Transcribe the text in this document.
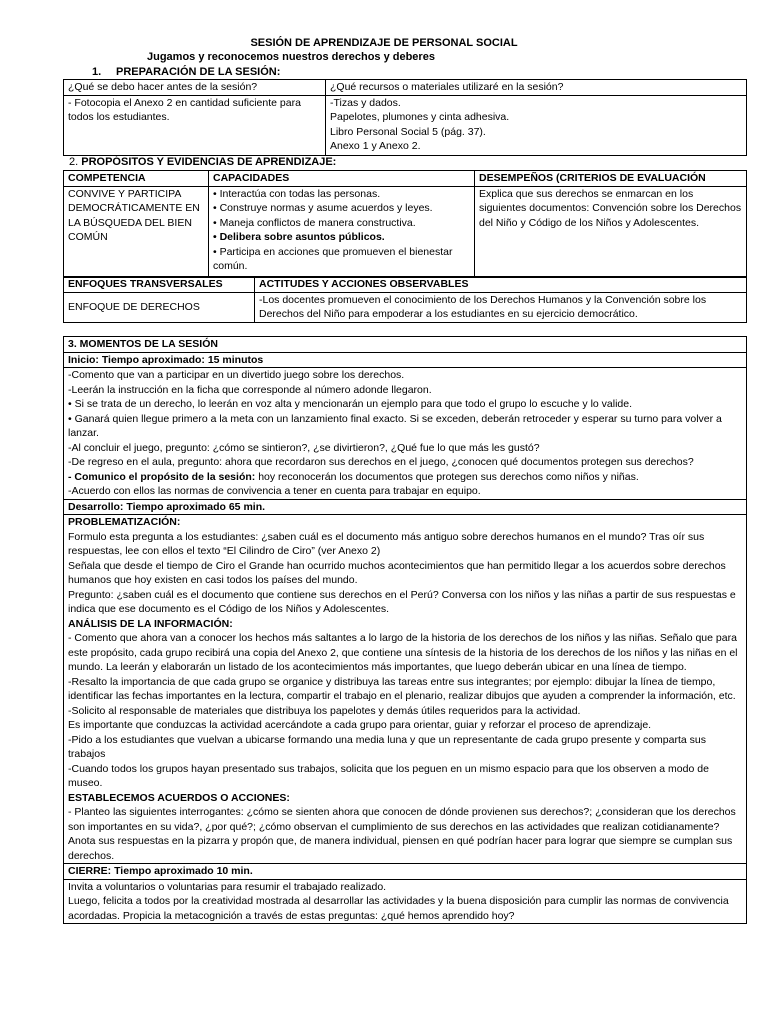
SESIÓN DE APRENDIZAJE DE PERSONAL SOCIAL
Jugamos y reconocemos nuestros derechos y deberes
1. PREPARACIÓN DE LA SESIÓN:
¿Qué se debo hacer antes de la sesión?	¿Qué recursos o materiales utilizaré en la sesión?
- Fotocopia el Anexo 2 en cantidad suficiente para todos los estudiantes.	-Tizas y dados.
Papelotes, plumones y cinta adhesiva.
Libro Personal Social 5 (pág. 37).
Anexo 1 y Anexo 2.
2. PROPÓSITOS Y EVIDENCIAS DE APRENDIZAJE:
COMPETENCIA	CAPACIDADES	DESEMPEÑOS (CRITERIOS DE EVALUACIÓN
CONVIVE Y PARTICIPA DEMOCRÁTICAMENTE EN LA BÚSQUEDA DEL BIEN COMÚN	• Interactúa con todas las personas.
• Construye normas y asume acuerdos y leyes.
• Maneja conflictos de manera constructiva.
• Delibera sobre asuntos públicos.
• Participa en acciones que promueven el bienestar común.	Explica que sus derechos se enmarcan en los siguientes documentos: Convención sobre los Derechos del Niño y Código de los Niños y Adolescentes.
ENFOQUES TRANSVERSALES	ACTITUDES Y ACCIONES OBSERVABLES
ENFOQUE DE DERECHOS	-Los docentes promueven el conocimiento de los Derechos Humanos y la Convención sobre los Derechos del Niño para empoderar a los estudiantes en su ejercicio democrático.
3. MOMENTOS DE LA SESIÓN
Inicio: Tiempo aproximado: 15 minutos

-Comento que van a participar en un divertido juego sobre los derechos.

-Leerán la instrucción en la ficha que corresponde al número adonde llegaron.

• Si se trata de un derecho, lo leerán en voz alta y mencionarán un ejemplo para que todo el grupo lo escuche y lo valide.

• Ganará quien llegue primero a la meta con un lanzamiento final exacto. Si se exceden, deberán retroceder y esperar su turno para volver a lanzar.

-Al concluir el juego, pregunto: ¿cómo se sintieron?, ¿se divirtieron?, ¿Qué fue lo que más les gustó?

-De regreso en el aula, pregunto: ahora que recordaron sus derechos en el juego, ¿conocen qué documentos protegen sus derechos?

- Comunico el propósito de la sesión: hoy reconocerán los documentos que protegen sus derechos como niños y niñas.

-Acuerdo con ellos las normas de convivencia a tener en cuenta para trabajar en equipo.

Desarrollo: Tiempo aproximado 65 min.

PROBLEMATIZACIÓN:

Formulo esta pregunta a los estudiantes: ¿saben cuál es el documento más antiguo sobre derechos humanos en el mundo? Tras oír sus respuestas, lee con ellos el texto “El Cilindro de Ciro” (ver Anexo 2)

Señala que desde el tiempo de Ciro el Grande han ocurrido muchos acontecimientos que han permitido llegar a los acuerdos sobre derechos humanos que hoy existen en casi todos los países del mundo.

Pregunto: ¿saben cuál es el documento que contiene sus derechos en el Perú? Conversa con los niños y las niñas a partir de sus respuestas e indica que ese documento es el Código de los Niños y Adolescentes.

ANÁLISIS DE LA INFORMACIÓN:

- Comento que ahora van a conocer los hechos más saltantes a lo largo de la historia de los derechos de los niños y las niñas. Señalo que para este propósito, cada grupo recibirá una copia del Anexo 2, que contiene una síntesis de la historia de los derechos de los niños y las niñas en el mundo. La leerán y elaborarán un listado de los acontecimientos más importantes, que luego deberán ubicar en una línea de tiempo.

-Resalto la importancia de que cada grupo se organice y distribuya las tareas entre sus integrantes; por ejemplo: dibujar la línea de tiempo, identificar las fechas importantes en la lectura, compartir el trabajo en el plenario, realizar dibujos que ayuden a comprender la información, etc.

-Solicito al responsable de materiales que distribuya los papelotes y demás útiles requeridos para la actividad.

Es importante que conduzcas la actividad acercándote a cada grupo para orientar, guiar y reforzar el proceso de aprendizaje.

-Pido a los estudiantes que vuelvan a ubicarse formando una media luna y que un representante de cada grupo presente y comparta sus trabajos

-Cuando todos los grupos hayan presentado sus trabajos, solicita que los peguen en un mismo espacio para que los observen a modo de museo.

ESTABLECEMOS ACUERDOS O ACCIONES:

- Planteo las siguientes interrogantes: ¿cómo se sienten ahora que conocen de dónde provienen sus derechos?; ¿consideran que los derechos son importantes en su vida?, ¿por qué?; ¿cómo observan el cumplimiento de sus derechos en las actividades que realizan cotidianamente? Anota sus respuestas en la pizarra y propón que, de manera individual, piensen en qué podrían hacer para lograr que siempre se cumplan sus derechos.

CIERRE: Tiempo aproximado 10 min.

Invita a voluntarios o voluntarias para resumir el trabajado realizado.

Luego, felicita a todos por la creatividad mostrada al desarrollar las actividades y la buena disposición para cumplir las normas de convivencia acordadas. Propicia la metacognición a través de estas preguntas: ¿qué hemos aprendido hoy?
